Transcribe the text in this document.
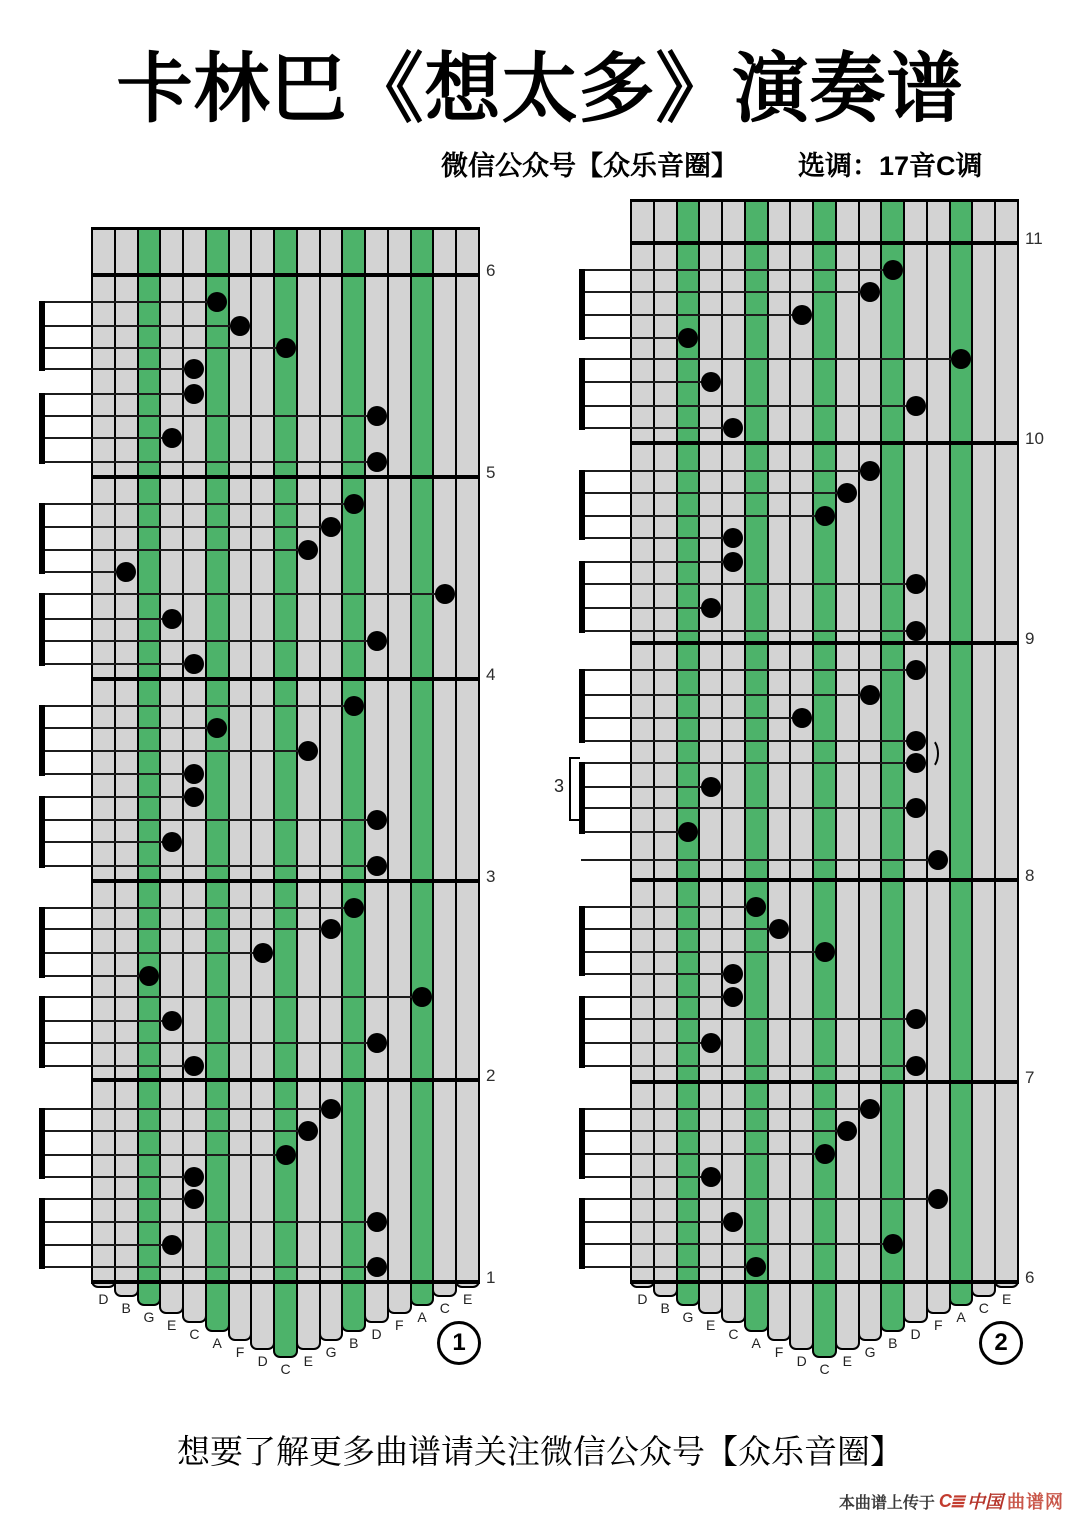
卡林巴《想太多》演奏谱
微信公众号【众乐音圈】 选调：17音C调
D
B
G
E
C
A
F
D
C
E
G
B
D
F
A
C
E
6
5
4
3
2
1
1
D
B
G
E
C
A
F
D
C
E
G
B
D
F
A
C
E
11
10
9
8
7
6
3
2
想要了解更多曲谱请关注微信公众号【众乐音圈】
本曲谱上传于 C≣ 中国 曲谱网
